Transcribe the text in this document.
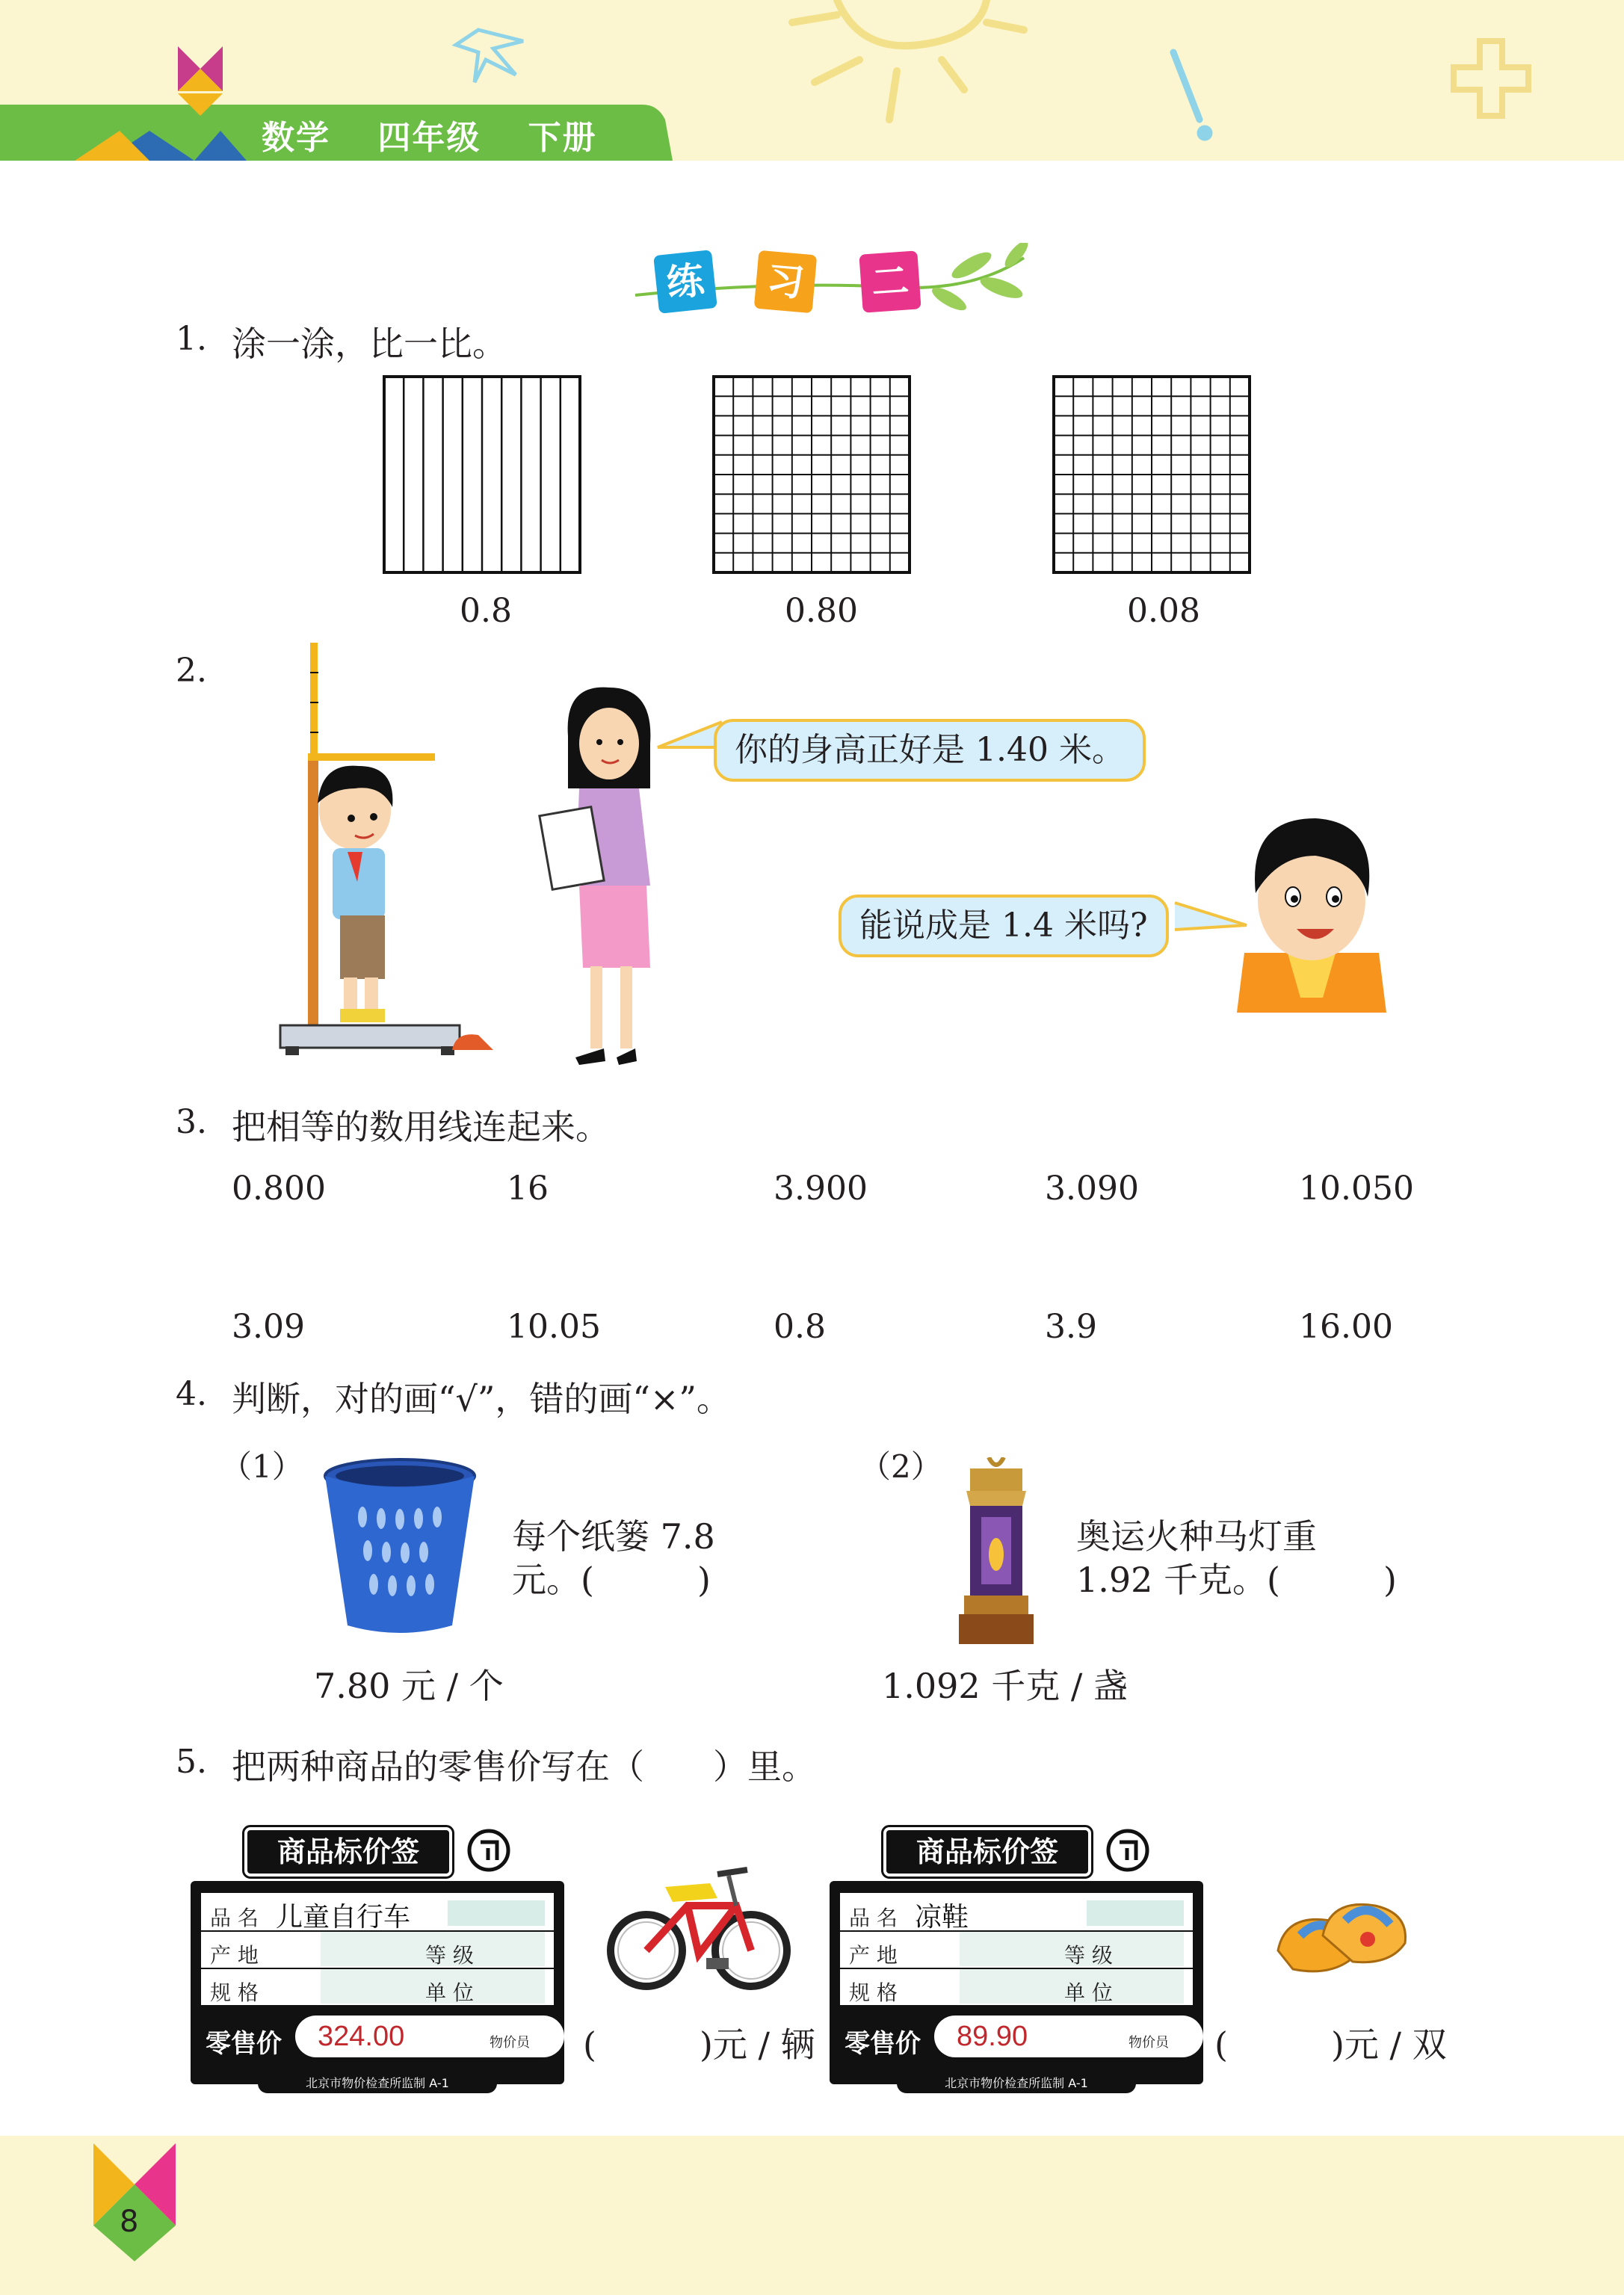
数学 四年级 下册
练 习 二
1. 涂一涂，比一比。
0.8	0.80	0.08
2.
你的身高正好是 1.40 米。
能说成是 1.4 米吗?
3. 把相等的数用线连起来。
0.800	16	3.900	3.090	10.050
3.09	10.05	0.8	3.9	16.00
4. 判断，对的画“√”，错的画“×”。
（1）
每个纸篓 7.8
元。(　　　)
7.80 元 / 个
（2）
奥运火种马灯重
1.92 千克。(　　　)
1.092 千克 / 盏
5. 把两种商品的零售价写在（　　）里。
商品标价签
品 名 儿童自行车
产 地	等 级
规 格	单 位
零售价	324.00	物价员
北京市物价检查所监制 A-1
(　　　)元 / 辆
商品标价签
品 名 凉鞋
产 地	等 级
规 格	单 位
零售价	89.90	物价员
北京市物价检查所监制 A-1
(　　　)元 / 双
8
